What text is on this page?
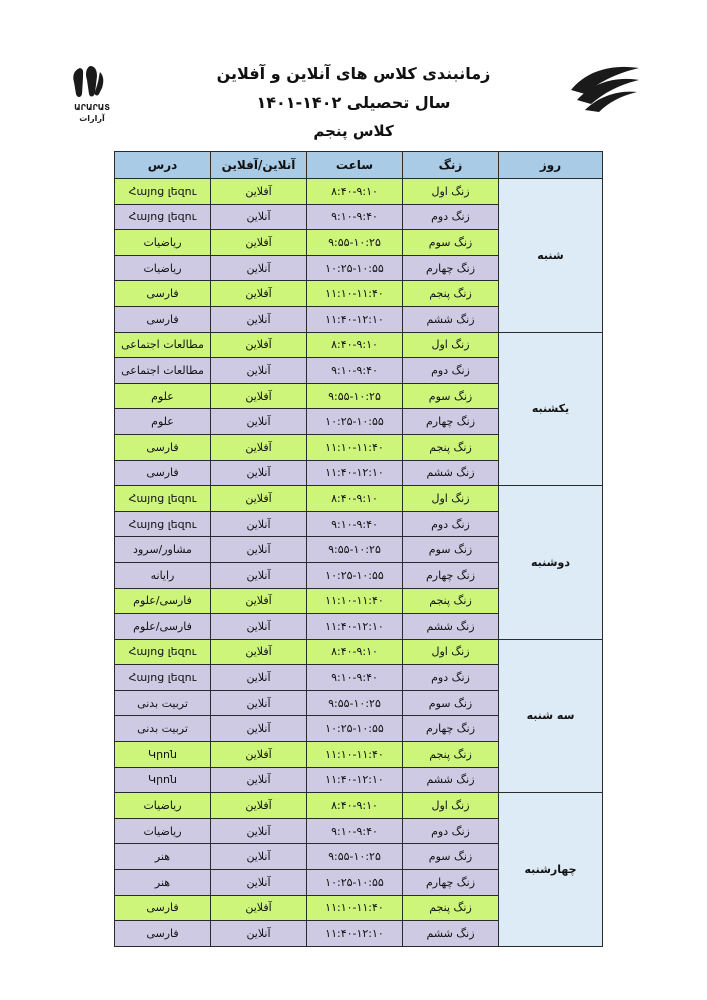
ԱՐԱՐԱՏ
آرارات
زمانبندی کلاس های آنلاین و آفلاین
سال تحصیلی ۱۴۰۲-۱۴۰۱
کلاس پنجم
روز	زنگ	ساعت	آنلاین/آفلاین	درس
شنبه	زنگ اول	۸:۴۰-۹:۱۰	آفلاین	Հայոց լեզու
	زنگ دوم	۹:۱۰-۹:۴۰	آنلاین	Հայոց լեզու
	زنگ سوم	۹:۵۵-۱۰:۲۵	آفلاین	ریاضیات
	زنگ چهارم	۱۰:۲۵-۱۰:۵۵	آنلاین	ریاضیات
	زنگ پنجم	۱۱:۱۰-۱۱:۴۰	آفلاین	فارسی
	زنگ ششم	۱۱:۴۰-۱۲:۱۰	آنلاین	فارسی
یکشنبه	زنگ اول	۸:۴۰-۹:۱۰	آفلاین	مطالعات اجتماعی
	زنگ دوم	۹:۱۰-۹:۴۰	آنلاین	مطالعات اجتماعی
	زنگ سوم	۹:۵۵-۱۰:۲۵	آفلاین	علوم
	زنگ چهارم	۱۰:۲۵-۱۰:۵۵	آنلاین	علوم
	زنگ پنجم	۱۱:۱۰-۱۱:۴۰	آفلاین	فارسی
	زنگ ششم	۱۱:۴۰-۱۲:۱۰	آنلاین	فارسی
دوشنبه	زنگ اول	۸:۴۰-۹:۱۰	آفلاین	Հայոց լեզու
	زنگ دوم	۹:۱۰-۹:۴۰	آنلاین	Հայոց լեզու
	زنگ سوم	۹:۵۵-۱۰:۲۵	آنلاین	مشاور/سرود
	زنگ چهارم	۱۰:۲۵-۱۰:۵۵	آنلاین	رایانه
	زنگ پنجم	۱۱:۱۰-۱۱:۴۰	آفلاین	فارسی/علوم
	زنگ ششم	۱۱:۴۰-۱۲:۱۰	آنلاین	فارسی/علوم
سه شنبه	زنگ اول	۸:۴۰-۹:۱۰	آفلاین	Հայոց լեզու
	زنگ دوم	۹:۱۰-۹:۴۰	آنلاین	Հայոց լեզու
	زنگ سوم	۹:۵۵-۱۰:۲۵	آنلاین	تربیت بدنی
	زنگ چهارم	۱۰:۲۵-۱۰:۵۵	آنلاین	تربیت بدنی
	زنگ پنجم	۱۱:۱۰-۱۱:۴۰	آفلاین	Կրոն
	زنگ ششم	۱۱:۴۰-۱۲:۱۰	آنلاین	Կրոն
چهارشنبه	زنگ اول	۸:۴۰-۹:۱۰	آفلاین	ریاضیات
	زنگ دوم	۹:۱۰-۹:۴۰	آنلاین	ریاضیات
	زنگ سوم	۹:۵۵-۱۰:۲۵	آنلاین	هنر
	زنگ چهارم	۱۰:۲۵-۱۰:۵۵	آنلاین	هنر
	زنگ پنجم	۱۱:۱۰-۱۱:۴۰	آفلاین	فارسی
	زنگ ششم	۱۱:۴۰-۱۲:۱۰	آنلاین	فارسی
